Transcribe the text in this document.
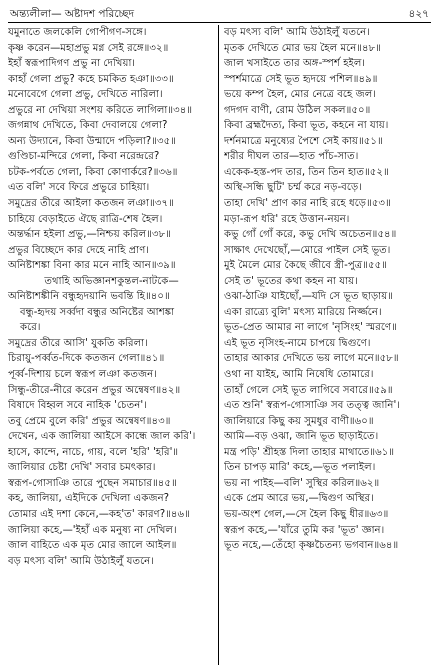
অন্ত্যলীলা— অষ্টাদশ পরিচ্ছেদ	৪২৭
যমুনাতে জলকেলি গোপীগণ-সঙ্গে।
কৃষ্ণ করেন—মহাপ্রভু মগ্ন সেই রঙ্গে॥৩২॥
ইহাঁ স্বরূপাদিগণ প্রভু না দেখিয়া।
কাহাঁ গেলা প্রভু? কহে চমকিত হঞা॥৩৩॥
মনোবেগে গেলা প্রভু, দেখিতে নারিলা।
প্রভুরে না দেখিয়া সংশয় করিতে লাগিলা॥৩৪॥
জগন্নাথ দেখিতে, কিবা দেবালয়ে গেলা?
অন্য উদ্যানে, কিবা উন্মাদে পড়িলা?॥৩৫॥
গুণ্ডিচা-মন্দিরে গেলা, কিবা নরেন্দ্ররে?
চটক-পর্বতে গেলা, কিবা কোণার্করে?॥৩৬॥
এত বলি' সবে ফিরে প্রভুরে চাহিয়া।
সমুদ্রের তীরে আইলা কতজন লঞা॥৩৭॥
চাহিয়ে বেড়াইতে ঐছে রাত্রি-শেষ হৈল।
অন্তর্দ্ধান হইলা প্রভু,—নিশ্চয় করিল॥৩৮॥
প্রভুর বিচ্ছেদে কার দেহে নাহি প্রাণ।
অনিষ্টাশঙ্কা বিনা কার মনে নাহি আন॥৩৯॥
তথাহি অভিজ্ঞানশকুন্তল-নাটকে—
অনিষ্টাশঙ্কীনি বন্ধুহৃদয়ানি ভবন্তি হি॥৪০॥
বন্ধু-হৃদয় সর্ব্বদা বন্ধুর অনিষ্টের আশঙ্কা
করে।
সমুদ্রের তীরে আসি' যুকতি করিলা।
চিরায়ু-পর্ব্বত-দিকে কতজন গেলা॥৪১॥
পূর্ব্ব-দিশায় চলে স্বরূপ লঞা কতজন।
সিন্ধু-তীরে-নীরে করেন প্রভুর অন্বেষণ॥৪২॥
বিষাদে বিহ্বল সবে নাহিক 'চেতন'।
তবু প্রেমে বুলে করি' প্রভুর অন্বেষণ॥৪৩॥
দেখেন, এক জালিয়া আইসে কান্ধে জাল করি'।
হাসে, কান্দে, নাচে, গায়, বলে 'হরি' 'হরি'॥
জালিয়ার চেষ্টা দেখি' সবার চমৎকার।
স্বরূপ-গোসাঞি তারে পুছেন সমাচার॥৪৫॥
কহ, জালিয়া, এইদিকে দেখিলা একজন?
তোমার এই দশা কেনে,—কহ'ত' কারণ?॥৪৬॥
জালিয়া কহে,—'ইহাঁ এক মনুষ্য না দেখিল।
জাল বাহিতে এক মৃত মোর জালে আইল॥
বড় মৎস্য বলি' আমি উঠাইলুঁ যতনে।
বড় মৎস্য বলি' আমি উঠাইলুঁ যতনে।
মৃতক দেখিতে মোর ভয় হৈল মনে॥৪৮॥
জাল খসাইতে তার অঙ্গ-স্পর্শ হইল।
স্পর্শমাত্রে সেই ভূত হৃদয়ে পশিল॥৪৯॥
ভয়ে কম্প হৈল, মোর নেত্রে বহে জল।
গদগদ বাণী, রোম উঠিল সকল॥৫০॥
কিবা ব্রহ্মদৈত্য, কিবা ভূত, কহনে না যায়।
দর্শনমাত্রে মনুষ্যের পৈশে সেই কায়॥৫১॥
শরীর দীঘল তার—হাত পাঁচ-সাত।
একেক-হস্ত-পদ তার, তিন তিন হাত॥৫২॥
অস্থি-সন্ধি ছুটি' চর্ম্ম করে নড়-বড়ে।
তাহা দেখি' প্রাণ কার নাহি রহে ধড়ে॥৫৩॥
মড়া-রূপ ধরি' রহে উত্তান-নয়ন।
কভু গোঁ গোঁ করে, কভু দেখি অচেতন॥৫৪॥
সাক্ষাৎ দেখেছোঁ,—মোরে পাইল সেই ভূত।
মুই মৈলে মোর কৈছে জীবে স্ত্রী-পুত্র॥৫৫॥
সেই ত' ভূতের কথা কহন না যায়।
ওঝা-ঠাঞি যাইছোঁ,—যদি সে ভূত ছাড়ায়॥
একা রাত্র্যে বুলি' মৎস্য মারিয়ে নির্জ্জনে।
ভূত-প্রেত আমার না লাগে 'নৃসিংহ' স্মরণে॥
এই ভূত নৃসিংহ-নামে চাপয়ে দ্বিগুণে।
তাহার আকার দেখিতে ভয় লাগে মনে॥৫৮॥
ওথা না যাইহ, আমি নিষেধি তোমারে।
তাহাঁ গেলে সেই ভূত লাগিবে সবারে॥৫৯॥
এত শুনি' স্বরূপ-গোসাঞি সব তত্ত্ব জানি'।
জালিয়ারে কিছু কয় সুমধুর বাণী॥৬০॥
আমি—বড় ওঝা, জানি ভূত ছাড়াইতে।
মন্ত্র পড়ি' শ্রীহস্ত দিলা তাহার মাথাতে॥৬১॥
তিন চাপড় মারি' কহে,—ভূত পলাইল।
ভয় না পাইহ—বলি' সুস্থির করিল॥৬২॥
একে প্রেম আরে ভয়,—দ্বিগুণ অস্থির।
ভয়-অংশ গেল,—সে হৈল কিছু ধীর॥৬৩॥
স্বরূপ কহে,—'যাঁরে তুমি কর 'ভূত' জ্ঞান।
ভূত নহে,—তেঁহো কৃষ্ণচৈতন্য ভগবান॥৬৪॥
